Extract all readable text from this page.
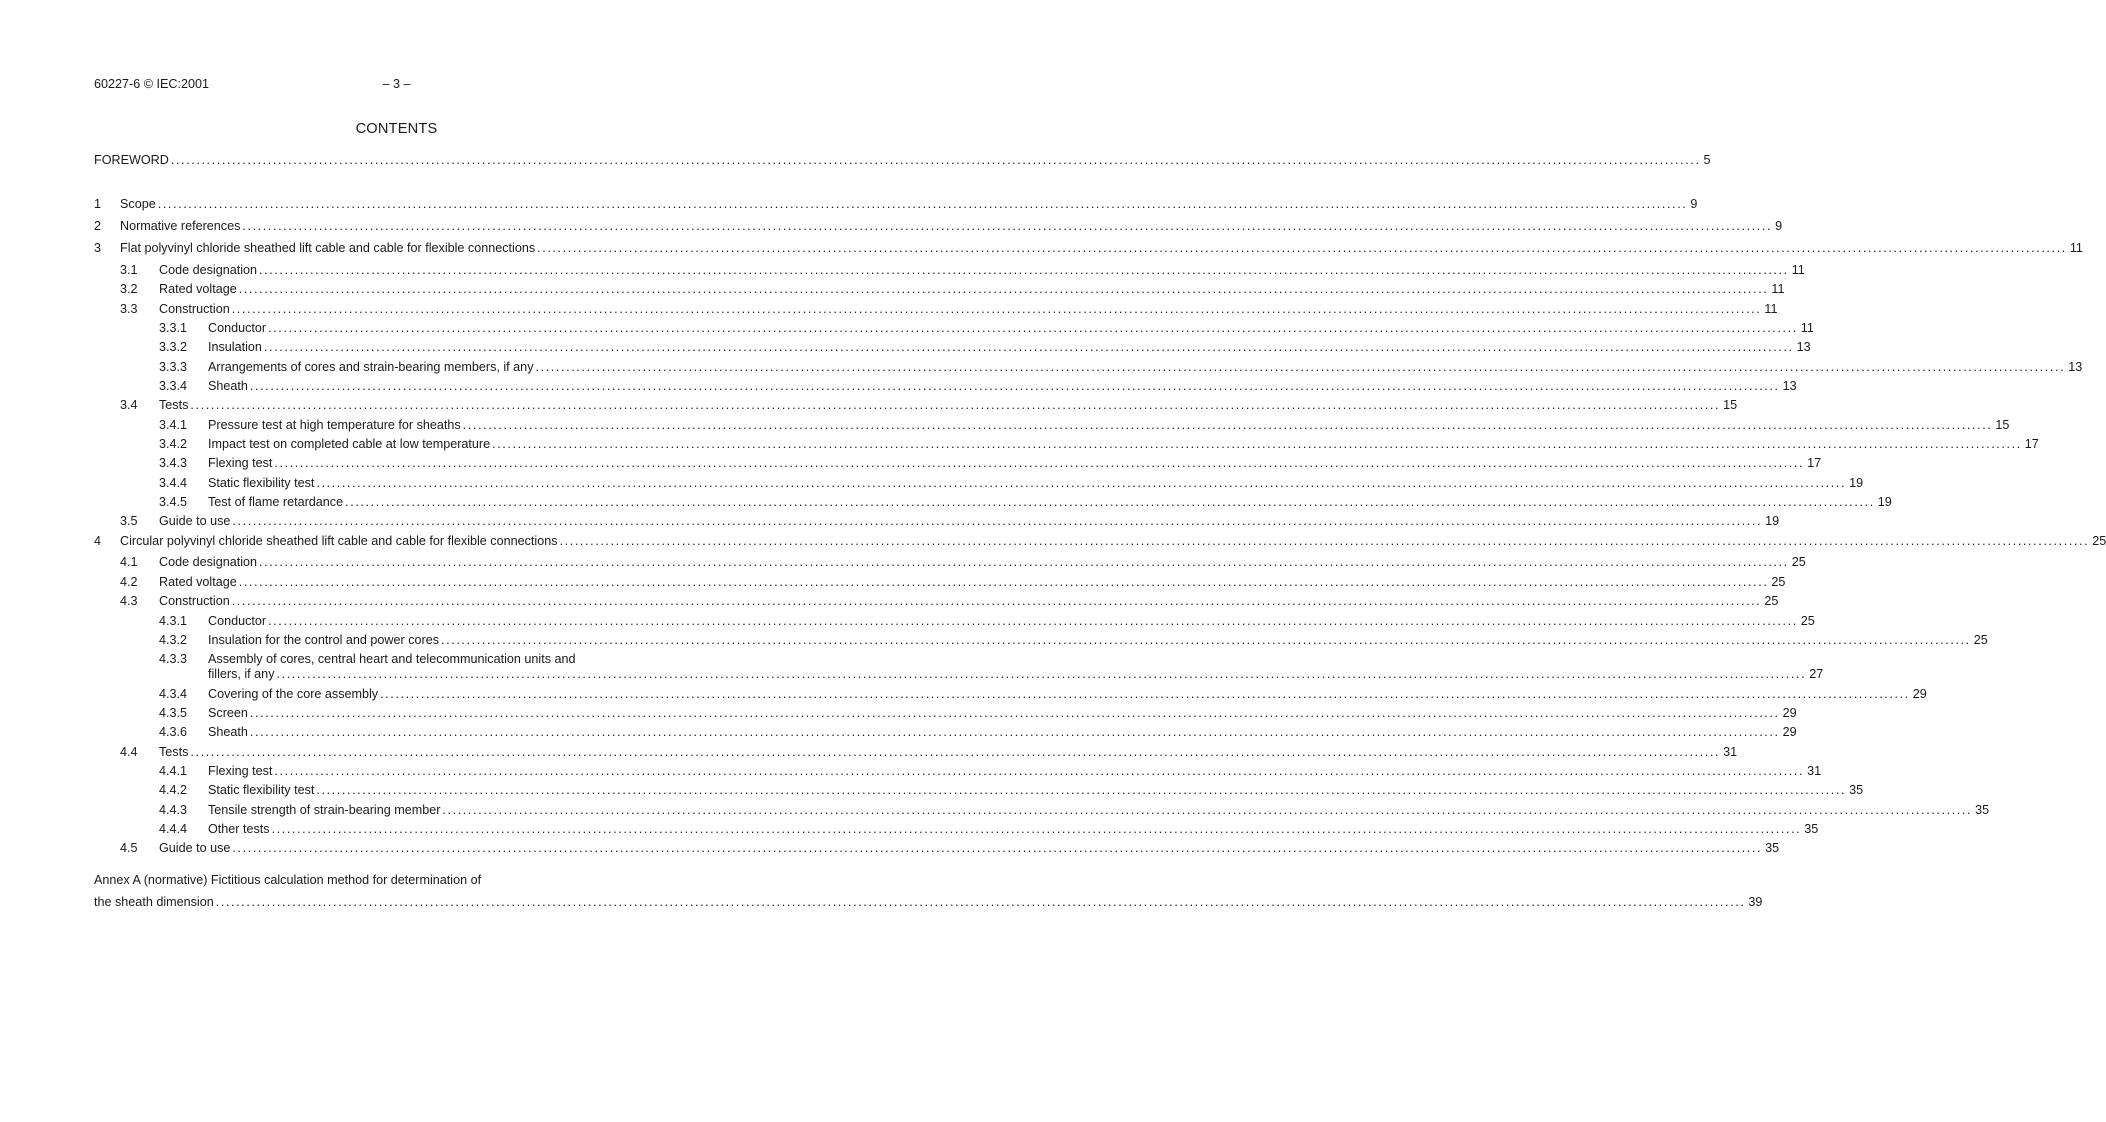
60227-6 © IEC:2001	– 3 –
CONTENTS
FOREWORD ............................................................................................................................................................................................................................................................................................................ 5
1 Scope ............................................................................................................................................................................................................................................................................................................ 9
2 Normative references ............................................................................................................................................................................................................................................................................................................ 9
3 Flat polyvinyl chloride sheathed lift cable and cable for flexible connections ............................................................................................................................................................................................................................................................................................................ 11
3.1 Code designation ............................................................................................................................................................................................................................................................................................................ 11
3.2 Rated voltage ............................................................................................................................................................................................................................................................................................................ 11
3.3 Construction ............................................................................................................................................................................................................................................................................................................ 11
3.3.1 Conductor ............................................................................................................................................................................................................................................................................................................ 11
3.3.2 Insulation ............................................................................................................................................................................................................................................................................................................ 13
3.3.3 Arrangements of cores and strain-bearing members, if any ............................................................................................................................................................................................................................................................................................................ 13
3.3.4 Sheath ............................................................................................................................................................................................................................................................................................................ 13
3.4 Tests ............................................................................................................................................................................................................................................................................................................ 15
3.4.1 Pressure test at high temperature for sheaths ............................................................................................................................................................................................................................................................................................................ 15
3.4.2 Impact test on completed cable at low temperature ............................................................................................................................................................................................................................................................................................................ 17
3.4.3 Flexing test ............................................................................................................................................................................................................................................................................................................ 17
3.4.4 Static flexibility test ............................................................................................................................................................................................................................................................................................................ 19
3.4.5 Test of flame retardance ............................................................................................................................................................................................................................................................................................................ 19
3.5 Guide to use ............................................................................................................................................................................................................................................................................................................ 19
4 Circular polyvinyl chloride sheathed lift cable and cable for flexible connections ............................................................................................................................................................................................................................................................................................................ 25
4.1 Code designation ............................................................................................................................................................................................................................................................................................................ 25
4.2 Rated voltage ............................................................................................................................................................................................................................................................................................................ 25
4.3 Construction ............................................................................................................................................................................................................................................................................................................ 25
4.3.1 Conductor ............................................................................................................................................................................................................................................................................................................ 25
4.3.2 Insulation for the control and power cores ............................................................................................................................................................................................................................................................................................................ 25
4.3.3 Assembly of cores, central heart and telecommunication units and
fillers, if any ............................................................................................................................................................................................................................................................................................................ 27
4.3.4 Covering of the core assembly ............................................................................................................................................................................................................................................................................................................ 29
4.3.5 Screen ............................................................................................................................................................................................................................................................................................................ 29
4.3.6 Sheath ............................................................................................................................................................................................................................................................................................................ 29
4.4 Tests ............................................................................................................................................................................................................................................................................................................ 31
4.4.1 Flexing test ............................................................................................................................................................................................................................................................................................................ 31
4.4.2 Static flexibility test ............................................................................................................................................................................................................................................................................................................ 35
4.4.3 Tensile strength of strain-bearing member ............................................................................................................................................................................................................................................................................................................ 35
4.4.4 Other tests ............................................................................................................................................................................................................................................................................................................ 35
4.5 Guide to use ............................................................................................................................................................................................................................................................................................................ 35
Annex A (normative) Fictitious calculation method for determination of
the sheath dimension ............................................................................................................................................................................................................................................................................................................ 39
